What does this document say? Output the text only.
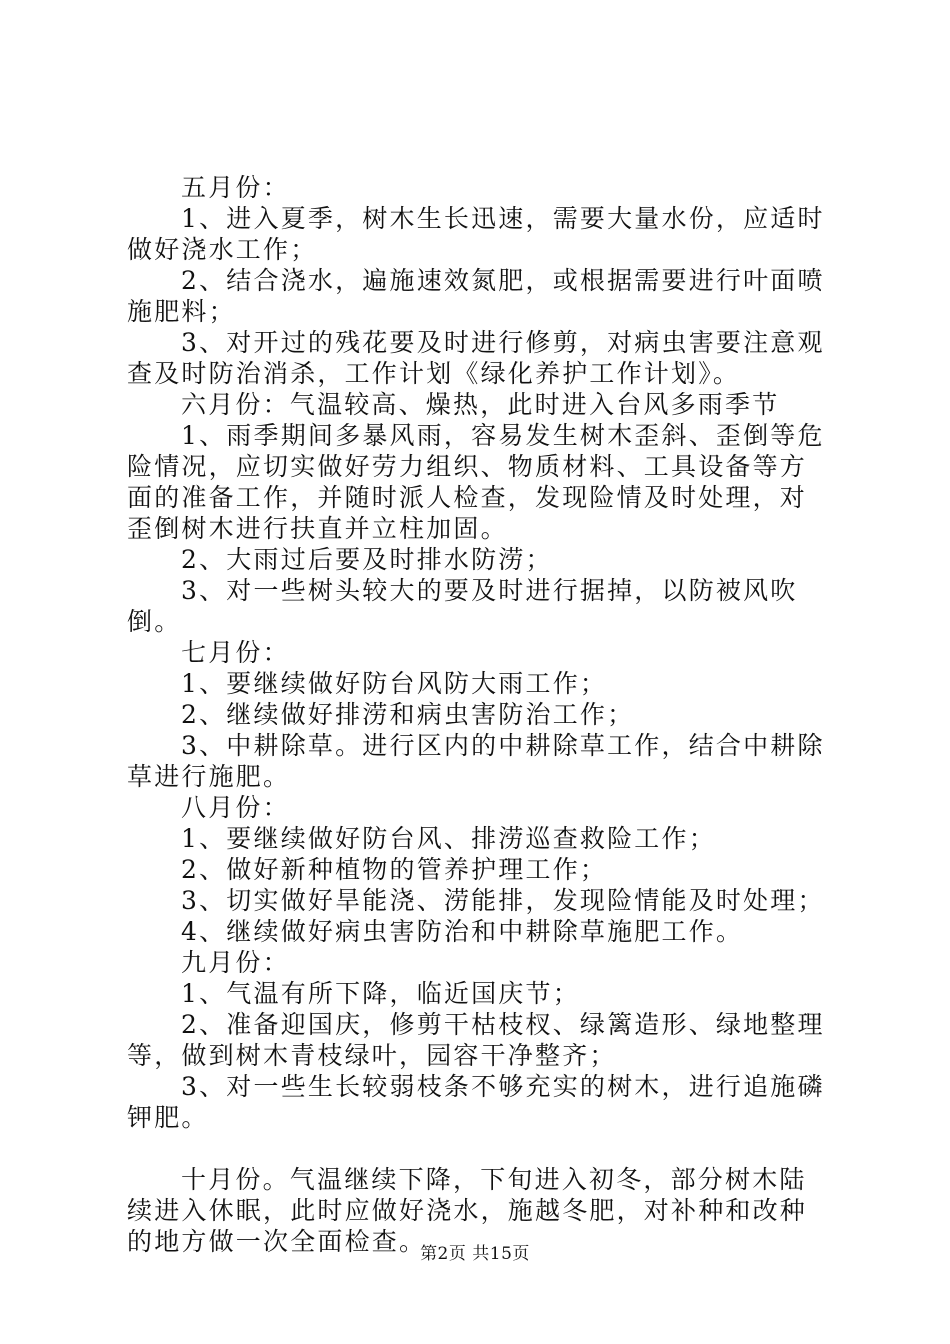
五月份：

1、进入夏季，树木生长迅速，需要大量水份，应适时做好浇水工作；

2、结合浇水，遍施速效氮肥，或根据需要进行叶面喷施肥料；

3、对开过的残花要及时进行修剪，对病虫害要注意观查及时防治消杀，工作计划《绿化养护工作计划》。

六月份：气温较高、燥热，此时进入台风多雨季节

1、雨季期间多暴风雨，容易发生树木歪斜、歪倒等危险情况，应切实做好劳力组织、物质材料、工具设备等方面的准备工作，并随时派人检查，发现险情及时处理，对歪倒树木进行扶直并立柱加固。

2、大雨过后要及时排水防涝；

3、对一些树头较大的要及时进行据掉，以防被风吹倒。

七月份：

1、要继续做好防台风防大雨工作；

2、继续做好排涝和病虫害防治工作；

3、中耕除草。进行区内的中耕除草工作，结合中耕除草进行施肥。

八月份：

1、要继续做好防台风、排涝巡查救险工作；

2、做好新种植物的管养护理工作；

3、切实做好旱能浇、涝能排，发现险情能及时处理；

4、继续做好病虫害防治和中耕除草施肥工作。

九月份：

1、气温有所下降，临近国庆节；

2、准备迎国庆，修剪干枯枝杈、绿篱造形、绿地整理等，做到树木青枝绿叶，园容干净整齐；

3、对一些生长较弱枝条不够充实的树木，进行追施磷钾肥。

十月份。气温继续下降，下旬进入初冬，部分树木陆续进入休眠，此时应做好浇水，施越冬肥，对补种和改种的地方做一次全面检查。

第2页 共15页
